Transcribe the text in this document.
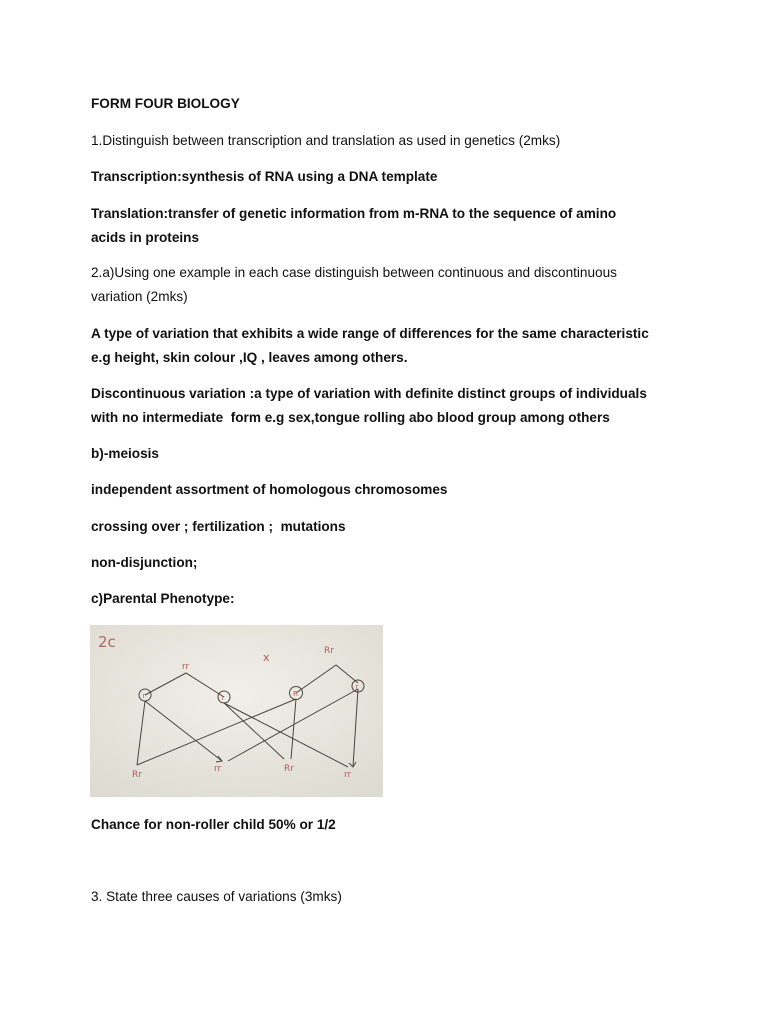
FORM FOUR BIOLOGY

1.Distinguish between transcription and translation as used in genetics (2mks)

Transcription:synthesis of RNA using a DNA template

Translation:transfer of genetic information from m-RNA to the sequence of amino

acids in proteins

2.a)Using one example in each case distinguish between continuous and discontinuous

variation (2mks)

A type of variation that exhibits a wide range of differences for the same characteristic

e.g height, skin colour ,IQ , leaves among others.

Discontinuous variation :a type of variation with definite distinct groups of individuals

with no intermediate  form e.g sex,tongue rolling abo blood group among others

b)-meiosis

independent assortment of homologous chromosomes

crossing over ; fertilization ;  mutations

non-disjunction;

c)Parental Phenotype:

2c
rr
x	Rr
r	r	R
r
Rr
rr	Rr
rr

Chance for non-roller child 50% or 1/2

3. State three causes of variations (3mks)
